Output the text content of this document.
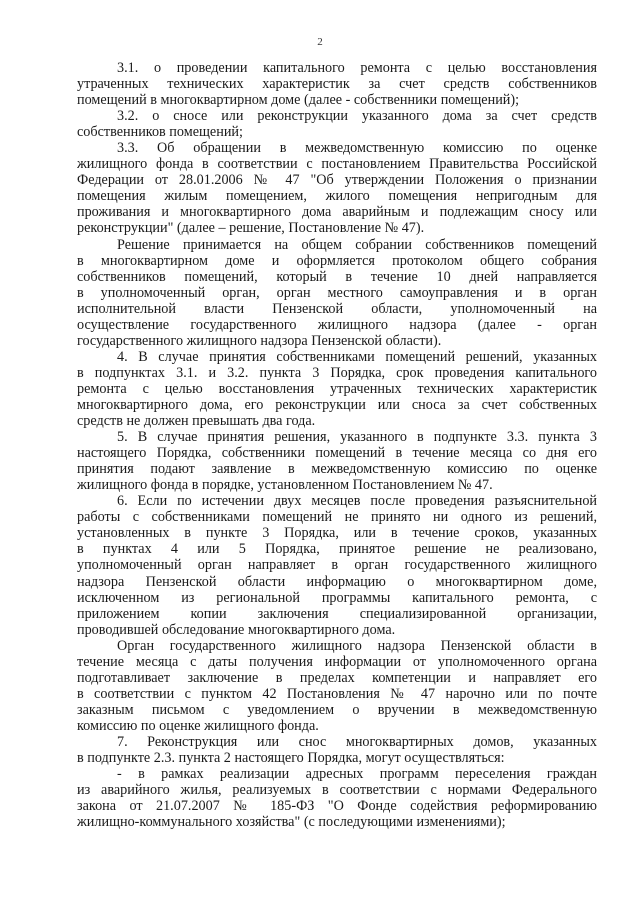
2
3.1. о проведении капитального ремонта с целью восстановления
утраченных технических характеристик за счет средств собственников
помещений в многоквартирном доме (далее - собственники помещений);
3.2. о сносе или реконструкции указанного дома за счет средств
собственников помещений;
3.3. Об обращении в межведомственную комиссию по оценке
жилищного фонда в соответствии с постановлением Правительства Российской
Федерации от 28.01.2006 № 47 "Об утверждении Положения о признании
помещения жилым помещением, жилого помещения непригодным для
проживания и многоквартирного дома аварийным и подлежащим сносу или
реконструкции" (далее – решение, Постановление № 47).
Решение принимается на общем собрании собственников помещений
в многоквартирном доме и оформляется протоколом общего собрания
собственников помещений, который в течение 10 дней направляется
в уполномоченный орган, орган местного самоуправления и в орган
исполнительной власти Пензенской области, уполномоченный на
осуществление государственного жилищного надзора (далее - орган
государственного жилищного надзора Пензенской области).
4. В случае принятия собственниками помещений решений, указанных
в подпунктах 3.1. и 3.2. пункта 3 Порядка, срок проведения капитального
ремонта с целью восстановления утраченных технических характеристик
многоквартирного дома, его реконструкции или сноса за счет собственных
средств не должен превышать два года.
5. В случае принятия решения, указанного в подпункте 3.3. пункта 3
настоящего Порядка, собственники помещений в течение месяца со дня его
принятия подают заявление в межведомственную комиссию по оценке
жилищного фонда в порядке, установленном Постановлением № 47.
6. Если по истечении двух месяцев после проведения разъяснительной
работы с собственниками помещений не принято ни одного из решений,
установленных в пункте 3 Порядка, или в течение сроков, указанных
в пунктах 4 или 5 Порядка, принятое решение не реализовано,
уполномоченный орган направляет в орган государственного жилищного
надзора Пензенской области информацию о многоквартирном доме,
исключенном из региональной программы капитального ремонта, с
приложением копии заключения специализированной организации,
проводившей обследование многоквартирного дома.
Орган государственного жилищного надзора Пензенской области в
течение месяца с даты получения информации от уполномоченного органа
подготавливает заключение в пределах компетенции и направляет его
в соответствии с пунктом 42 Постановления № 47 нарочно или по почте
заказным письмом с уведомлением о вручении в межведомственную
комиссию по оценке жилищного фонда.
7. Реконструкция или снос многоквартирных домов, указанных
в подпункте 2.3. пункта 2 настоящего Порядка, могут осуществляться:
- в рамках реализации адресных программ переселения граждан
из аварийного жилья, реализуемых в соответствии с нормами Федерального
закона от 21.07.2007 № 185-ФЗ "О Фонде содействия реформированию
жилищно-коммунального хозяйства" (с последующими изменениями);
